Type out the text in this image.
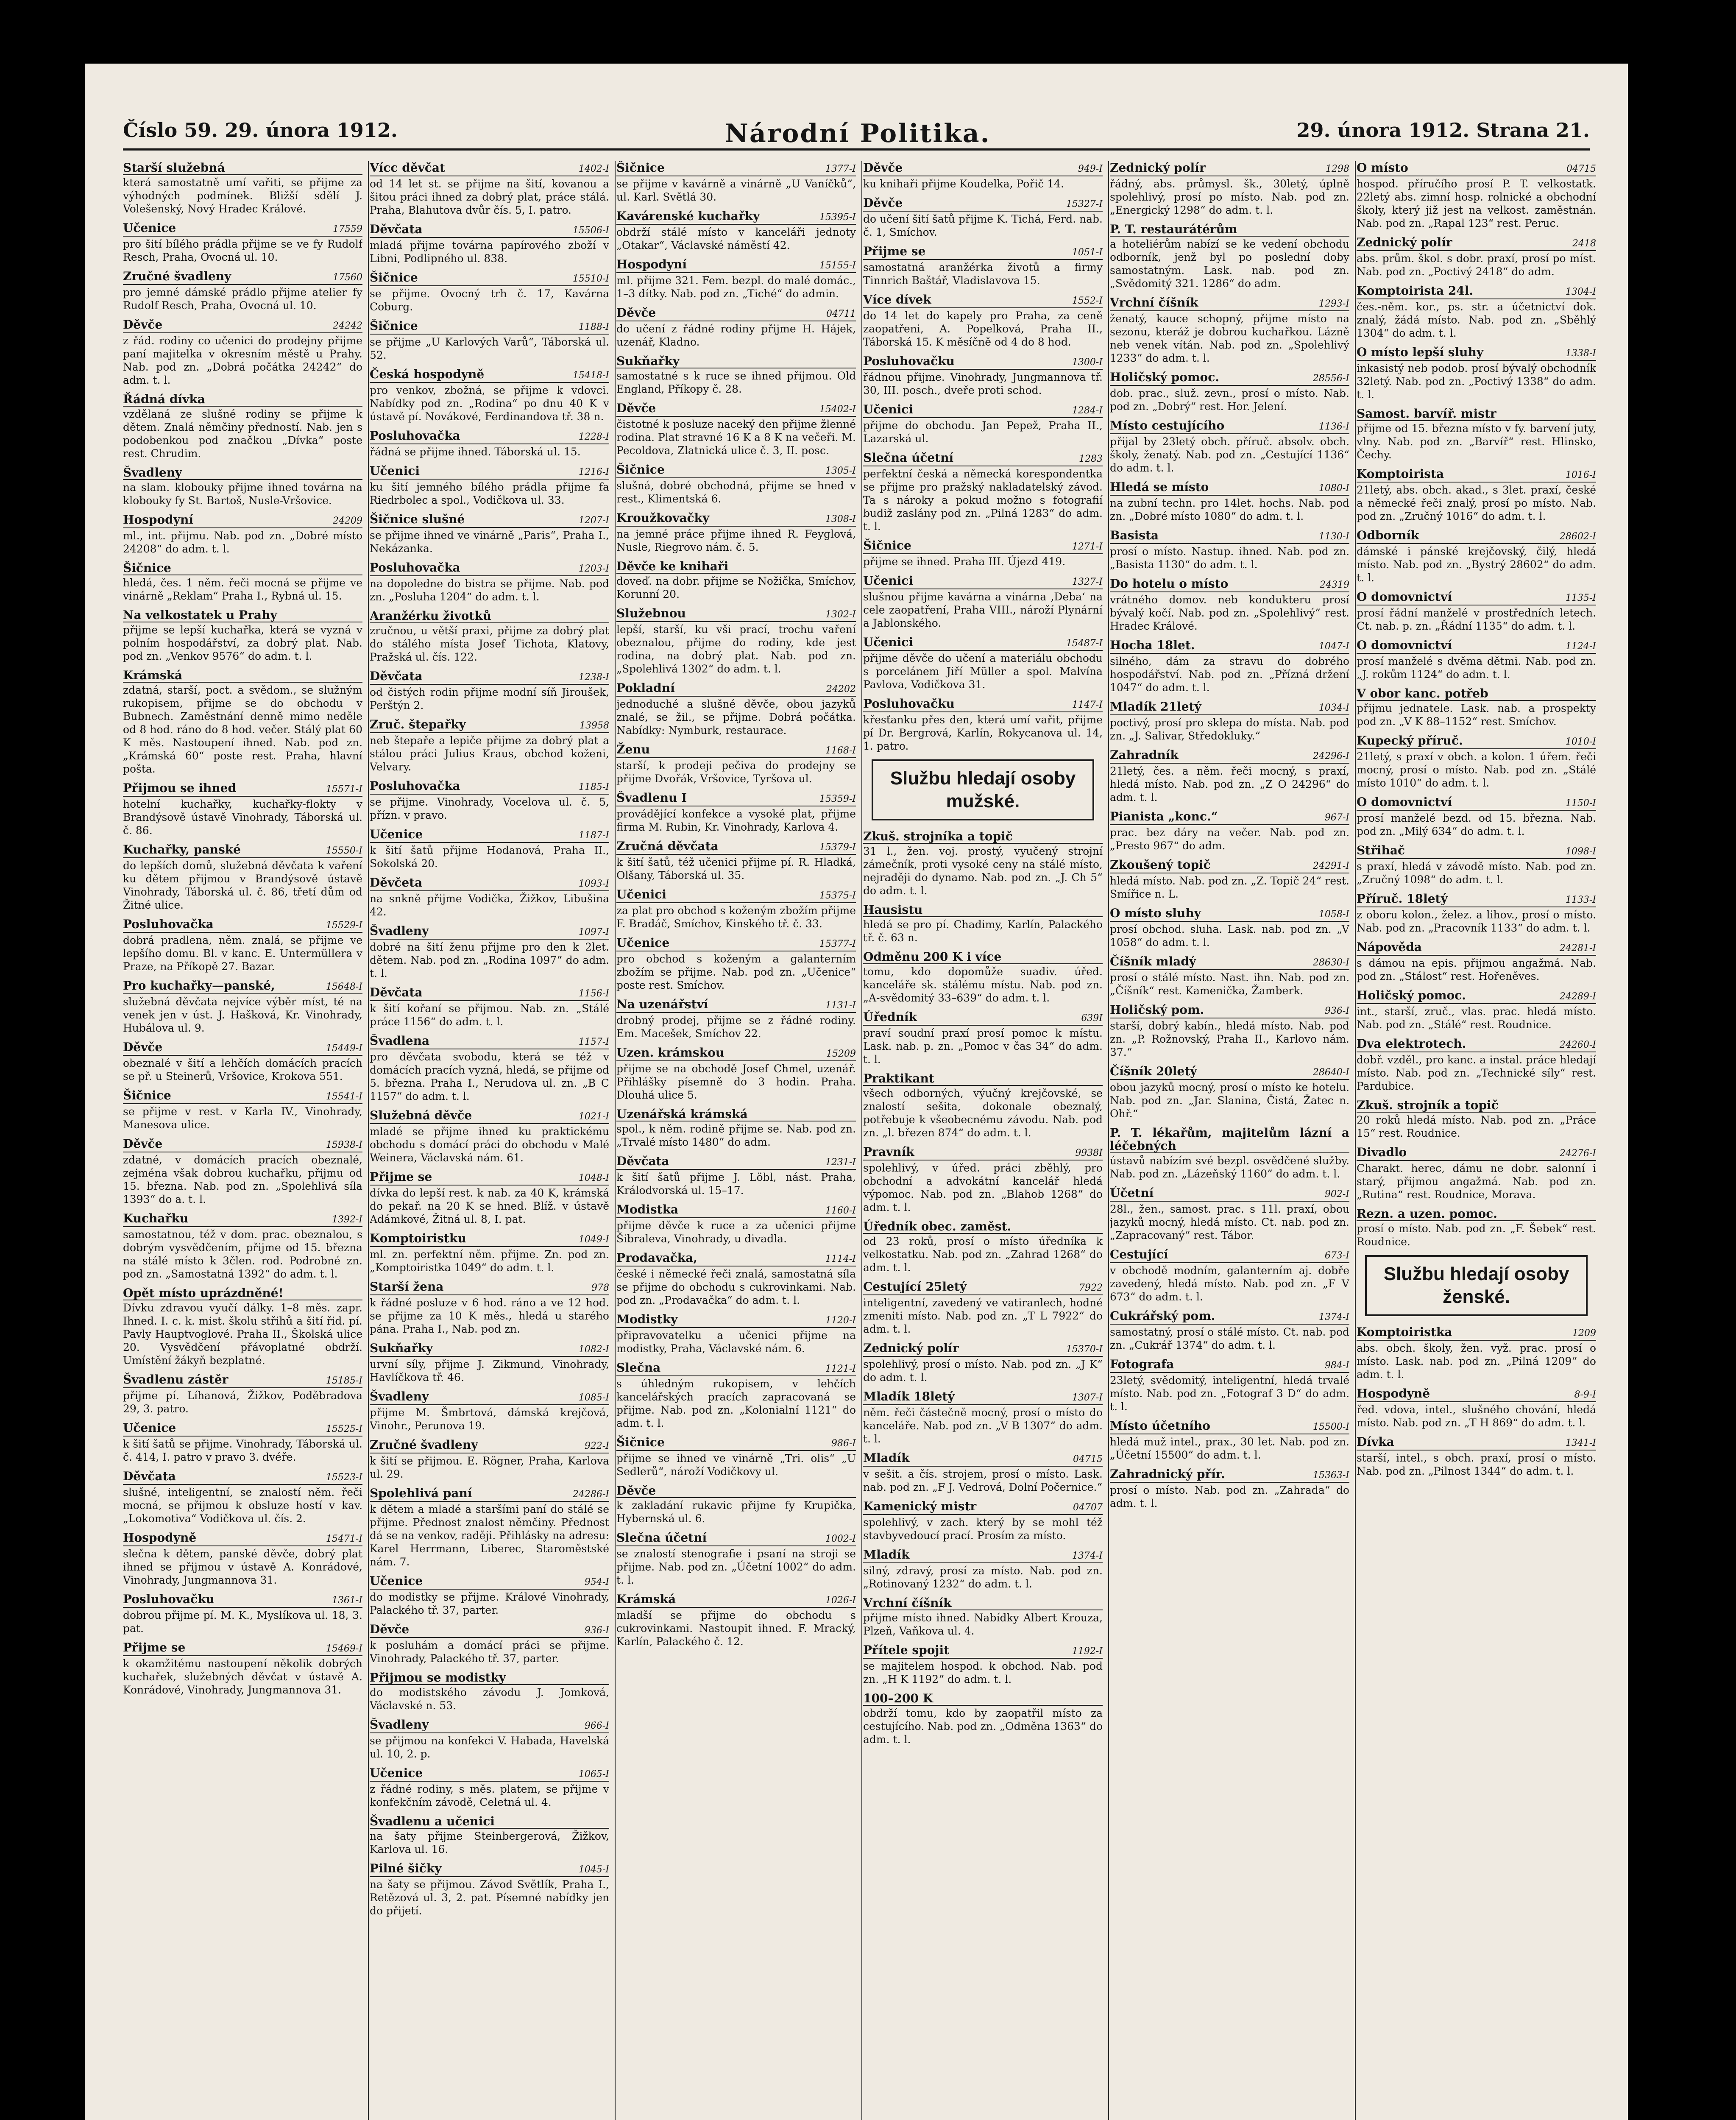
Číslo 59. 29. února 1912.	Národní Politika.	29. února 1912. Strana 21.
Starší služebná
která samostatně umí vařiti, se přijme za výhodných podmínek. Bližší sdělí J. Volešenský, Nový Hradec Králové.
Učenice	17559
pro šití bílého prádla přijme se ve fy Rudolf Resch, Praha, Ovocná ul. 10.
Zručné švadleny	17560
pro jemné dámské prádlo přijme atelier fy Rudolf Resch, Praha, Ovocná ul. 10.
Děvče	24242
z řád. rodiny co učenici do prodejny přijme paní majitelka v okresním městě u Prahy. Nab. pod zn. „Dobrá počátka 24242“ do adm. t. l.
Řádná dívka
vzdělaná ze slušné rodiny se přijme k dětem. Znalá němčiny předností. Nab. jen s podobenkou pod značkou „Dívka“ poste rest. Chrudim.
Švadleny
na slam. klobouky přijme ihned továrna na klobouky fy St. Bartoš, Nusle-Vršovice.
Hospodyní	24209
ml., int. přijmu. Nab. pod zn. „Dobré místo 24208“ do adm. t. l.
Šičnice
hledá, čes. 1 něm. řeči mocná se přijme ve vinárně „Reklam“ Praha I., Rybná ul. 15.
Na velkostatek u Prahy
přijme se lepší kuchařka, která se vyzná v polním hospodářství, za dobrý plat. Nab. pod zn. „Venkov 9576“ do adm. t. l.
Krámská
zdatná, starší, poct. a svědom., se služným rukopisem, přijme se do obchodu v Bubnech. Zaměstnání denně mimo neděle od 8 hod. ráno do 8 hod. večer. Stálý plat 60 K měs. Nastoupení ihned. Nab. pod zn. „Krámská 60“ poste rest. Praha, hlavní pošta.
Přijmou se ihned	15571-I
hotelní kuchařky, kuchařky-flokty v Brandýsově ústavě Vinohrady, Táborská ul. č. 86.
Kuchařky, panské	15550-I
do lepších domů, služebná děvčata k vaření ku dětem přijmou v Brandýsově ústavě Vinohrady, Táborská ul. č. 86, třetí dům od Žitné ulice.
Posluhovačka	15529-I
dobrá pradlena, něm. znalá, se přijme ve lepšího domu. Bl. v kanc. E. Untermüllera v Praze, na Příkopě 27. Bazar.
Pro kuchařky—panské,	15648-I
služebná děvčata nejvíce výběr míst, té na venek jen v úst. J. Hašková, Kr. Vinohrady, Hubálova ul. 9.
Děvče	15449-I
obeznalé v šití a lehčích domácích pracích se př. u Steinerů, Vršovice, Krokova 551.
Šičnice	15541-I
se přijme v rest. v Karla IV., Vinohrady, Manesova ulice.
Děvče	15938-I
zdatné, v domácích pracích obeznalé, zejména však dobrou kuchařku, přijmu od 15. března. Nab. pod zn. „Spolehlivá síla 1393“ do a. t. l.
Kuchařku	1392-I
samostatnou, též v dom. prac. obeznalou, s dobrým vysvědčením, přijme od 15. března na stálé místo k 3člen. rod. Podrobné zn. pod zn. „Samostatná 1392“ do adm. t. l.
Opět místo uprázdněné!
Dívku zdravou vyučí dálky. 1–8 měs. zapr. Ihned. I. c. k. mist. školu střihů a šití řid. pí. Pavly Hauptvoglové. Praha II., Školská ulice 20. Vysvědčení přávoplatné obdrží. Umístění žákyň bezplatné.
Švadlenu zástěr	15185-I
přijme pí. Líhanová, Žižkov, Poděbradova 29, 3. patro.
Učenice	15525-I
k šití šatů se přijme. Vinohrady, Táborská ul. č. 414, I. patro v pravo 3. dvéře.
Děvčata	15523-I
slušné, inteligentní, se znalostí něm. řeči mocná, se přijmou k obsluze hostí v kav. „Lokomotiva“ Vodičkova ul. čís. 2.
Hospodyně	15471-I
slečna k dětem, panské děvče, dobrý plat ihned se přijmou v ústavě A. Konrádové, Vinohrady, Jungmannova 31.
Posluhovačku	1361-I
dobrou přijme pí. M. K., Myslíkova ul. 18, 3. pat.
Přijme se	15469-I
k okamžitému nastoupení několik dobrých kuchařek, služebných děvčat v ústavě A. Konrádové, Vinohrady, Jungmannova 31.
Vícc děvčat	1402-I
od 14 let st. se přijme na šití, kovanou a šitou práci ihned za dobrý plat, práce stálá. Praha, Blahutova dvůr čís. 5, I. patro.
Děvčata	15506-I
mladá přijme továrna papírového zboží v Libni, Podlipného ul. 838.
Šičnice	15510-I
se přijme. Ovocný trh č. 17, Kavárna Coburg.
Šičnice	1188-I
se přijme „U Karlových Varů“, Táborská ul. 52.
Česká hospodyně	15418-I
pro venkov, zbožná, se přijme k vdovci. Nabídky pod zn. „Rodina“ po dnu 40 K v ústavě pí. Novákové, Ferdinandova tř. 38 n.
Posluhovačka	1228-I
řádná se přijme ihned. Táborská ul. 15.
Učenici	1216-I
ku šití jemného bílého prádla přijme fa Riedrbolec a spol., Vodičkova ul. 33.
Šičnice slušné	1207-I
se přijme ihned ve vinárně „Paris“, Praha I., Nekázanka.
Posluhovačka	1203-I
na dopoledne do bistra se přijme. Nab. pod zn. „Posluha 1204“ do adm. t. l.
Aranžérku životků
zručnou, u větší praxi, přijme za dobrý plat do stálého místa Josef Tichota, Klatovy, Pražská ul. čís. 122.
Děvčata	1238-I
od čistých rodin přijme modní síň Jiroušek, Perštýn 2.
Zruč. štepařky	13958
neb štepaře a lepiče přijme za dobrý plat a stálou práci Julius Kraus, obchod koženi, Velvary.
Posluhovačka	1185-I
se přijme. Vinohrady, Vocelova ul. č. 5, přízn. v pravo.
Učenice	1187-I
k šití šatů přijme Hodanová, Praha II., Sokolská 20.
Děvčeta	1093-I
na snkně přijme Vodička, Žižkov, Libušina 42.
Švadleny	1097-I
dobré na šití ženu přijme pro den k 2let. dětem. Nab. pod zn. „Rodina 1097“ do adm. t. l.
Děvčata	1156-I
k šití kořaní se přijmou. Nab. zn. „Stálé práce 1156“ do adm. t. l.
Švadlena	1157-I
pro děvčata svobodu, která se též v domácích pracích vyzná, hledá, se přijme od 5. března. Praha I., Nerudova ul. zn. „B C 1157“ do adm. t. l.
Služebná děvče	1021-I
mladé se přijme ihned ku praktickému obchodu s domácí práci do obchodu v Malé Weinera, Václavská nám. 61.
Přijme se	1048-I
dívka do lepší rest. k nab. za 40 K, krámská do pekař. na 20 K se hned. Blíž. v ústavě Adámkové, Žitná ul. 8, I. pat.
Komptoiristku	1049-I
ml. zn. perfektní něm. přijme. Zn. pod zn. „Komptoiristka 1049“ do adm. t. l.
Starší žena	978
k řádné posluze v 6 hod. ráno a ve 12 hod. se přijme za 10 K měs., hledá u starého pána. Praha I., Nab. pod zn.
Sukňařky	1082-I
urvní síly, přijme J. Zikmund, Vinohrady, Havlíčkova tř. 46.
Švadleny	1085-I
přijme M. Šmbrtová, dámská krejčová, Vinohr., Perunova 19.
Zručné švadleny	922-I
k šití se přijmou. E. Rögner, Praha, Karlova ul. 29.
Spolehlivá paní	24286-I
k dětem a mladé a staršími paní do stálé se přijme. Přednost znalost němčiny. Přednost dá se na venkov, raději. Přihlásky na adresu: Karel Herrmann, Liberec, Staroměstské nám. 7.
Učenice	954-I
do modistky se přijme. Králové Vinohrady, Palackého tř. 37, parter.
Děvče	936-I
k posluhám a domácí práci se přijme. Vinohrady, Palackého tř. 37, parter.
Přijmou se modistky
do modistského závodu J. Jomková, Václavské n. 53.
Švadleny	966-I
se přijmou na konfekci V. Habada, Havelská ul. 10, 2. p.
Učenice	1065-I
z řádné rodiny, s měs. platem, se přijme v konfekčním závodě, Celetná ul. 4.
Švadlenu a učenici
na šaty přijme Steinbergerová, Žižkov, Karlova ul. 16.
Pilné šičky	1045-I
na šaty se přijmou. Závod Světlík, Praha I., Retězová ul. 3, 2. pat. Písemné nabídky jen do přijetí.
Šičnice	1377-I
se přijme v kavárně a vinárně „U Vaníčků“, ul. Karl. Světlá 30.
Kavárenské kuchařky	15395-I
obdrží stálé místo v kanceláři jednoty „Otakar“, Václavské náměstí 42.
Hospodyní	15155-I
ml. přijme 321. Fem. bezpl. do malé domác., 1–3 dítky. Nab. pod zn. „Tiché“ do admin.
Děvče	04711
do učení z řádné rodiny přijme H. Hájek, uzenář, Kladno.
Sukňařky
samostatné s k ruce se ihned přijmou. Old England, Příkopy č. 28.
Děvče	15402-I
čistotné k posluze naceký den přijme žlenné rodina. Plat stravné 16 K a 8 K na večeři. M. Pecoldova, Zlatnická ulice č. 3, II. posc.
Šičnice	1305-I
slušná, dobré obchodná, přijme se hned v rest., Klimentská 6.
Kroužkovačky	1308-I
na jemné práce přijme ihned R. Feyglová, Nusle, Riegrovo nám. č. 5.
Děvče ke knihaři
doveď. na dobr. přijme se Nožička, Smíchov, Korunní 20.
Služebnou	1302-I
lepší, starší, ku vši prací, trochu vaření obeznalou, přijme do rodiny, kde jest rodina, na dobrý plat. Nab. pod zn. „Spolehlivá 1302“ do adm. t. l.
Pokladní	24202
jednoduché a slušné děvče, obou jazyků znalé, se žil., se přijme. Dobrá počátka. Nabídky: Nymburk, restaurace.
Ženu	1168-I
starší, k prodeji pečiva do prodejny se přijme Dvořák, Vršovice, Tyršova ul.
Švadlenu I	15359-I
provádějící konfekce a vysoké plat, přijme firma M. Rubin, Kr. Vinohrady, Karlova 4.
Zručná děvčata	15379-I
k šití šatů, též učenici přijme pí. R. Hladká, Olšany, Táborská ul. 35.
Učenici	15375-I
za plat pro obchod s koženým zbožím přijme F. Bradáč, Smíchov, Kinského tř. č. 33.
Učenice	15377-I
pro obchod s koženým a galanterním zbožím se přijme. Nab. pod zn. „Učenice“ poste rest. Smíchov.
Na uzenářství	1131-I
drobný prodej, přijme se z řádné rodiny. Em. Macešek, Smíchov 22.
Uzen. krámskou	15209
přijme se na obchodě Josef Chmel, uzenář. Přihlášky písemně do 3 hodin. Praha. Dlouhá ulice 5.
Uzenářská krámská
spol., k něm. rodině přijme se. Nab. pod zn. „Trvalé místo 1480“ do adm.
Děvčata	1231-I
k šití šatů přijme J. Löbl, nást. Praha, Králodvorská ul. 15–17.
Modistka	1160-I
přijme děvče k ruce a za učenici přijme Šibraleva, Vinohrady, u divadla.
Prodavačka,	1114-I
české i německé řeči znalá, samostatná síla se přijme do obchodu s cukrovinkami. Nab. pod zn. „Prodavačka“ do adm. t. l.
Modistky	1120-I
připravovatelku a učenici přijme na modistky, Praha, Václavské nám. 6.
Slečna	1121-I
s úhledným rukopisem, v lehčích kancelářských pracích zapracovaná se přijme. Nab. pod zn. „Kolonialní 1121“ do adm. t. l.
Šičnice	986-I
přijme se ihned ve vinárně „Tri. olis“ „U Sedlerů“, nároží Vodičkovy ul.
Děvče
k zakladání rukavic přijme fy Krupička, Hybernská ul. 6.
Slečna účetní	1002-I
se znalostí stenografie i psaní na stroji se přijme. Nab. pod zn. „Účetní 1002“ do adm. t. l.
Krámská	1026-I
mladší se přijme do obchodu s cukrovinkami. Nastoupit ihned. F. Mracký, Karlín, Palackého č. 12.
Děvče	949-I
ku knihaři přijme Koudelka, Pořič 14.
Děvče	15327-I
do učení šití šatů přijme K. Tichá, Ferd. nab. č. 1, Smíchov.
Přijme se	1051-I
samostatná aranžérka životů a firmy Tinnrich Baštář, Vladislavova 15.
Více dívek	1552-I
do 14 let do kapely pro Praha, za ceně zaopatřeni, A. Popelková, Praha II., Táborská 15. K měsíčně od 4 do 8 hod.
Posluhovačku	1300-I
řádnou přijme. Vinohrady, Jungmannova tř. 30, III. posch., dveře proti schod.
Učenici	1284-I
přijme do obchodu. Jan Pepež, Praha II., Lazarská ul.
Slečna účetní	1283
perfektní česká a německá korespondentka se přijme pro pražský nakladatelský závod. Ta s nároky a pokud možno s fotografií budiž zaslány pod zn. „Pilná 1283“ do adm. t. l.
Šičnice	1271-I
přijme se ihned. Praha III. Újezd 419.
Učenici	1327-I
slušnou přijme kavárna a vinárna ‚Deba‘ na cele zaopatření, Praha VIII., nároží Plynární a Jablonského.
Učenici	15487-I
přijme děvče do učení a materiálu obchodu s porcelánem Jiří Müller a spol. Malvína Pavlova, Vodičkova 31.
Posluhovačku	1147-I
křesťanku přes den, která umí vařit, přijme pí Dr. Bergrová, Karlín, Rokycanova ul. 14, 1. patro.
Službu hledají osoby mužské.
Zkuš. strojníka a topič
31 l., žen. voj. prostý, vyučený strojní zámečník, proti vysoké ceny na stálé místo, nejraději do dynamo. Nab. pod zn. „J. Ch 5“ do adm. t. l.
Hausistu
hledá se pro pí. Chadimy, Karlín, Palackého tř. č. 63 n.
Odměnu 200 K i více
tomu, kdo dopomůže suadiv. úřed. kanceláře sk. stálému místu. Nab. pod zn. „A-svědomitý 33–639“ do adm. t. l.
Úředník	639I
praví soudní praxí prosí pomoc k místu. Lask. nab. p. zn. „Pomoc v čas 34“ do adm. t. l.
Praktikant
všech odborných, výučný krejčovské, se znalostí sešita, dokonale obeznalý, potřebuje k všeobecnému závodu. Nab. pod zn. „l. březen 874“ do adm. t. l.
Pravník	9938I
spolehlivý, v úřed. práci zběhlý, pro obchodní a advokátní kancelář hledá výpomoc. Nab. pod zn. „Blahob 1268“ do adm. t. l.
Úředník obec. zaměst.
od 23 roků, prosí o místo úředníka k velkostatku. Nab. pod zn. „Zahrad 1268“ do adm. t. l.
Cestující 25letý	7922
inteligentní, zavedený ve vatiranlech, hodné zmeniti místo. Nab. pod zn. „T L 7922“ do adm. t. l.
Zednický polír	15370-I
spolehlivý, prosí o místo. Nab. pod zn. „J K“ do adm. t. l.
Mladík 18letý	1307-I
něm. řeči částečně mocný, prosí o místo do kanceláře. Nab. pod zn. „V B 1307“ do adm. t. l.
Mladík	04715
v sešit. a čís. strojem, prosí o místo. Lask. nab. pod zn. „F J. Vedrová, Dolní Počernice.“
Kamenický mistr	04707
spolehlivý, v zach. který by se mohl též stavbyvedoucí prací. Prosím za místo.
Mladík	1374-I
silný, zdravý, prosí za místo. Nab. pod zn. „Rotinovaný 1232“ do adm. t. l.
Vrchní číšník
přijme místo ihned. Nabídky Albert Krouza, Plzeň, Vaňkova ul. 4.
Přítele spojit	1192-I
se majitelem hospod. k obchod. Nab. pod zn. „H K 1192“ do adm. t. l.
100–200 K
obdrží tomu, kdo by zaopatřil místo za cestujícího. Nab. pod zn. „Odměna 1363“ do adm. t. l.
Zednický polír	1298
řádný, abs. průmysl. šk., 30letý, úplně spolehlivý, prosí po místo. Nab. pod zn. „Energický 1298“ do adm. t. l.
P. T. restaurátérům
a hoteliérům nabízí se ke vedení obchodu odborník, jenž byl po poslední doby samostatným. Lask. nab. pod zn. „Svědomitý 321. 1286“ do adm.
Vrchní číšník	1293-I
ženatý, kauce schopný, přijme místo na sezonu, kteráž je dobrou kuchařkou. Lázně neb venek vítán. Nab. pod zn. „Spolehlivý 1233“ do adm. t. l.
Holičský pomoc.	28556-I
dob. prac., služ. zevn., prosí o místo. Nab. pod zn. „Dobrý“ rest. Hor. Jelení.
Místo cestujícího	1136-I
přijal by 23letý obch. příruč. absolv. obch. školy, ženatý. Nab. pod zn. „Cestující 1136“ do adm. t. l.
Hledá se místo	1080-I
na zubní techn. pro 14let. hochs. Nab. pod zn. „Dobré místo 1080“ do adm. t. l.
Basista	1130-I
prosí o místo. Nastup. ihned. Nab. pod zn. „Basista 1130“ do adm. t. l.
Do hotelu o místo	24319
vrátného domov. neb kondukteru prosí bývalý kočí. Nab. pod zn. „Spolehlivý“ rest. Hradec Králové.
Hocha 18let.	1047-I
silného, dám za stravu do dobrého hospodářství. Nab. pod zn. „Přízná držení 1047“ do adm. t. l.
Mladík 21letý	1034-I
poctivý, prosí pro sklepa do místa. Nab. pod zn. „J. Salivar, Středokluky.“
Zahradník	24296-I
21letý, čes. a něm. řeči mocný, s praxí, hledá místo. Nab. pod zn. „Z O 24296“ do adm. t. l.
Pianista „konc.“	967-I
prac. bez dáry na večer. Nab. pod zn. „Presto 967“ do adm.
Zkoušený topič	24291-I
hledá místo. Nab. pod zn. „Z. Topič 24“ rest. Smířice n. L.
O místo sluhy	1058-I
prosí obchod. sluha. Lask. nab. pod zn. „V 1058“ do adm. t. l.
Číšník mladý	28630-I
prosí o stálé místo. Nast. ihn. Nab. pod zn. „Číšník“ rest. Kamenička, Žamberk.
Holičský pom.	936-I
starší, dobrý kabín., hledá místo. Nab. pod zn. „P. Rožnovský, Praha II., Karlovo nám. 37.“
Číšník 20letý	28640-I
obou jazyků mocný, prosí o místo ke hotelu. Nab. pod zn. „Jar. Slanina, Čistá, Žatec n. Ohř.“
P. T. lékařům, majitelům lázní a léčebných
ústavů nabízím své bezpl. osvědčené služby. Nab. pod zn. „Lázeňský 1160“ do adm. t. l.
Účetní	902-I
28l., žen., samost. prac. s 11l. praxí, obou jazyků mocný, hledá místo. Ct. nab. pod zn. „Zapracovaný“ rest. Tábor.
Cestující	673-I
v obchodě modním, galanterním aj. dobře zavedený, hledá místo. Nab. pod zn. „F V 673“ do adm. t. l.
Cukrářský pom.	1374-I
samostatný, prosí o stálé místo. Ct. nab. pod zn. „Cukrář 1374“ do adm. t. l.
Fotografa	984-I
23letý, svědomitý, inteligentní, hledá trvalé místo. Nab. pod zn. „Fotograf 3 D“ do adm. t. l.
Místo účetního	15500-I
hledá muž intel., prax., 30 let. Nab. pod zn. „Účetní 15500“ do adm. t. l.
Zahradnický přír.	15363-I
prosí o místo. Nab. pod zn. „Zahrada“ do adm. t. l.
O místo	04715
hospod. příručího prosí P. T. velkostatk. 22letý abs. zimní hosp. rolnické a obchodní školy, který již jest na velkost. zaměstnán. Nab. pod zn. „Rapal 123“ rest. Peruc.
Zednický polír	2418
abs. prům. škol. s dobr. praxí, prosí po míst. Nab. pod zn. „Poctivý 2418“ do adm.
Komptoirista 24l.	1304-I
čes.-něm. kor., ps. str. a účetnictví dok. znalý, žádá místo. Nab. pod zn. „Sběhlý 1304“ do adm. t. l.
O místo lepší sluhy	1338-I
inkasistý neb podob. prosí bývalý obchodník 32letý. Nab. pod zn. „Poctivý 1338“ do adm. t. l.
Samost. barvíř. mistr
přijme od 15. března místo v fy. barvení juty, vlny. Nab. pod zn. „Barvíř“ rest. Hlinsko, Čechy.
Komptoirista	1016-I
21letý, abs. obch. akad., s 3let. praxí, české a německé řeči znalý, prosí po místo. Nab. pod zn. „Zručný 1016“ do adm. t. l.
Odborník	28602-I
dámské i pánské krejčovský, čilý, hledá místo. Nab. pod zn. „Bystrý 28602“ do adm. t. l.
O domovnictví	1135-I
prosí řádní manželé v prostředních letech. Ct. nab. p. zn. „Řádní 1135“ do adm. t. l.
O domovnictví	1124-I
prosí manželé s dvěma dětmi. Nab. pod zn. „J. rokům 1124“ do adm. t. l.
V obor kanc. potřeb
přijmu jednatele. Lask. nab. a prospekty pod zn. „V K 88–1152“ rest. Smíchov.
Kupecký příruč.	1010-I
21letý, s praxí v obch. a kolon. 1 úřem. řeči mocný, prosí o místo. Nab. pod zn. „Stálé místo 1010“ do adm. t. l.
O domovnictví	1150-I
prosí manželé bezd. od 15. března. Nab. pod zn. „Milý 634“ do adm. t. l.
Střihač	1098-I
s praxí, hledá v závodě místo. Nab. pod zn. „Zručný 1098“ do adm. t. l.
Příruč. 18letý	1133-I
z oboru kolon., želez. a lihov., prosí o místo. Nab. pod zn. „Pracovník 1133“ do adm. t. l.
Nápověda	24281-I
s dámou na epis. přijmou angažmá. Nab. pod zn. „Stálost“ rest. Hořeněves.
Holičský pomoc.	24289-I
int., starší, zruč., vlas. prac. hledá místo. Nab. pod zn. „Stálé“ rest. Roudnice.
Dva elektrotech.	24260-I
dobř. vzděl., pro kanc. a instal. práce hledají místo. Nab. pod zn. „Technické síly“ rest. Pardubice.
Zkuš. strojník a topič
20 roků hledá místo. Nab. pod zn. „Práce 15“ rest. Roudnice.
Divadlo	24276-I
Charakt. herec, dámu ne dobr. salonní i starý, přijmou angažmá. Nab. pod zn. „Rutina“ rest. Roudnice, Morava.
Rezn. a uzen. pomoc.
prosí o místo. Nab. pod zn. „F. Šebek“ rest. Roudnice.
Službu hledají osoby ženské.
Komptoiristka	1209
abs. obch. školy, žen. vyž. prac. prosí o místo. Lask. nab. pod zn. „Pilná 1209“ do adm. t. l.
Hospodyně	8-9-I
řed. vdova, intel., slušného chování, hledá místo. Nab. pod zn. „T H 869“ do adm. t. l.
Dívka	1341-I
starší, intel., s obch. praxí, prosí o místo. Nab. pod zn. „Pilnost 1344“ do adm. t. l.
